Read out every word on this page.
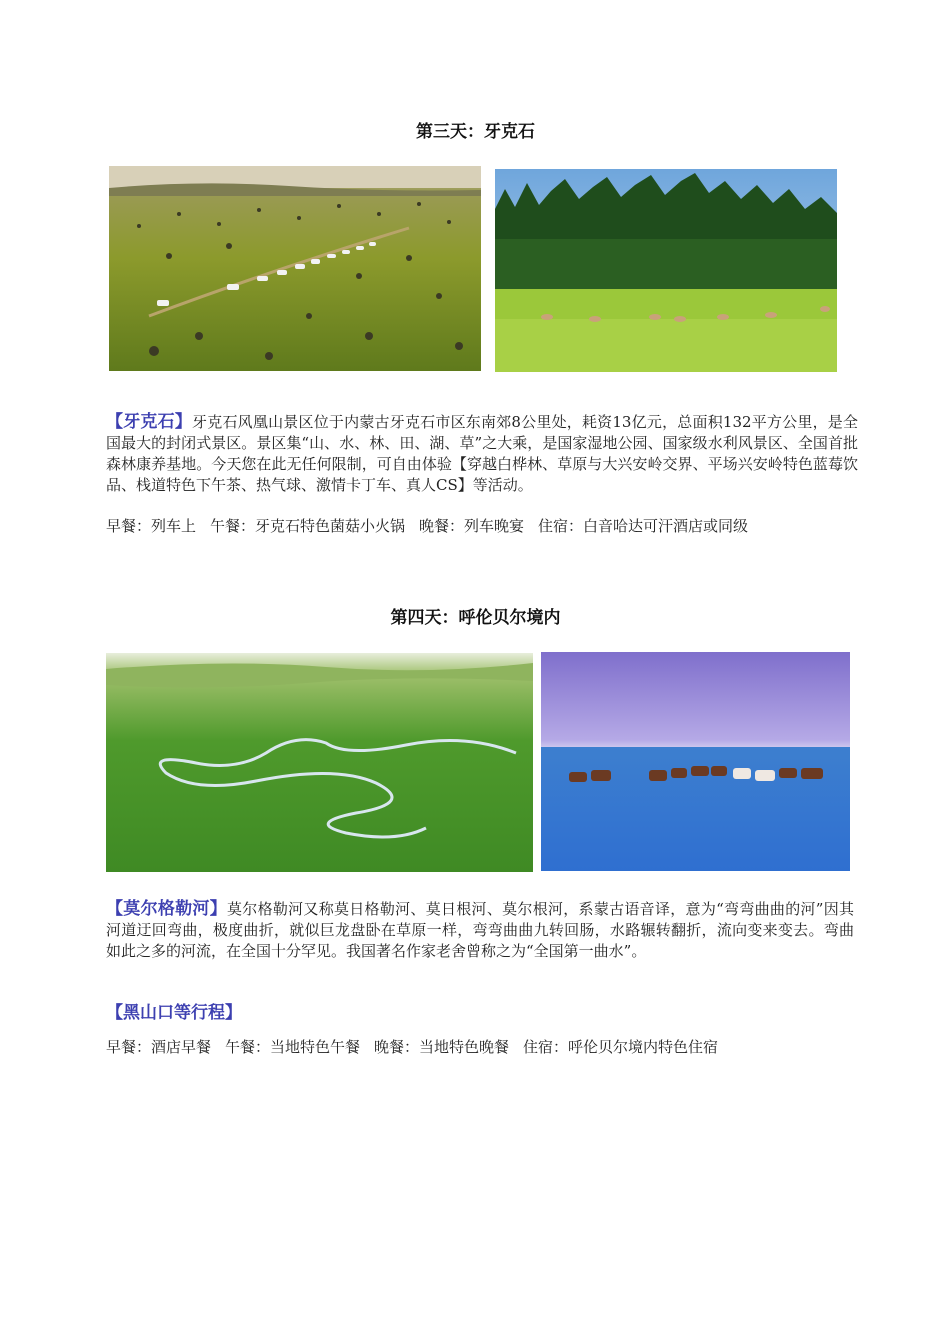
第三天：牙克石
【牙克石】牙克石风凰山景区位于内蒙古牙克石市区东南郊8公里处，耗资13亿元，总面积132平方公里，是全国最大的封闭式景区。景区集“山、水、林、田、湖、草”之大乘，是国家湿地公园、国家级水利风景区、全国首批森林康养基地。今天您在此无任何限制，可自由体验【穿越白桦林、草原与大兴安岭交界、平场兴安岭特色蓝莓饮品、栈道特色下午茶、热气球、激情卡丁车、真人CS】等活动。
早餐：列车上 午餐：牙克石特色菌菇小火锅 晚餐：列车晚宴 住宿：白音哈达可汗酒店或同级
第四天：呼伦贝尔境内
【莫尔格勒河】莫尔格勒河又称莫日格勒河、莫日根河、莫尔根河，系蒙古语音译，意为“弯弯曲曲的河”因其河道迂回弯曲，极度曲折，就似巨龙盘卧在草原一样，弯弯曲曲九转回肠，水路辗转翻折，流向变来变去。弯曲如此之多的河流，在全国十分罕见。我国著名作家老舍曾称之为“全国第一曲水”。
【黑山口等行程】
早餐：酒店早餐 午餐：当地特色午餐 晚餐：当地特色晚餐 住宿：呼伦贝尔境内特色住宿
